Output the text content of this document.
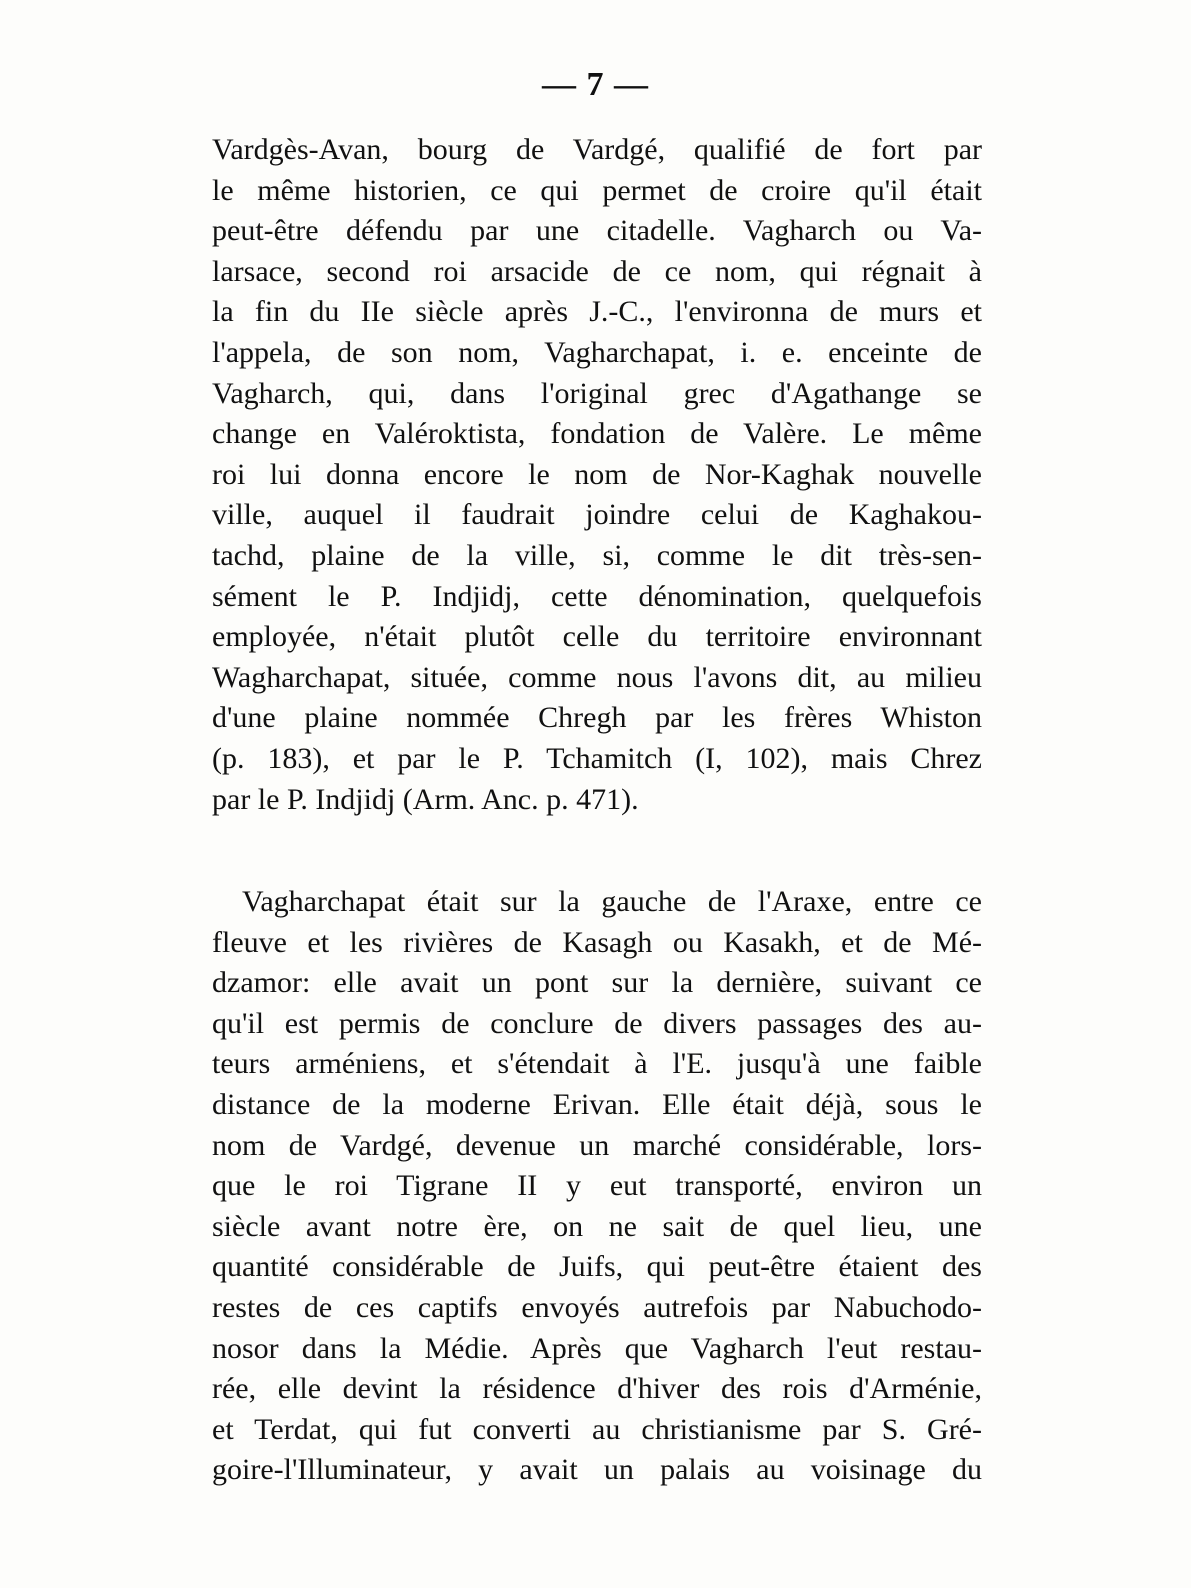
— 7 —
Vardgès-Avan, bourg de Vardgé, qualifié de fort par
le même historien, ce qui permet de croire qu'il était
peut-être défendu par une citadelle. Vagharch ou Va-
larsace, second roi arsacide de ce nom, qui régnait à
la fin du IIe siècle après J.-C., l'environna de murs et
l'appela, de son nom, Vagharchapat, i. e. enceinte de
Vagharch, qui, dans l'original grec d'Agathange se
change en Valéroktista, fondation de Valère. Le même
roi lui donna encore le nom de Nor-Kaghak nouvelle
ville, auquel il faudrait joindre celui de Kaghakou-
tachd, plaine de la ville, si, comme le dit très-sen-
sément le P. Indjidj, cette dénomination, quelquefois
employée, n'était plutôt celle du territoire environnant
Wagharchapat, située, comme nous l'avons dit, au milieu
d'une plaine nommée Chregh par les frères Whiston
(p. 183), et par le P. Tchamitch (I, 102), mais Chrez
par le P. Indjidj (Arm. Anc. p. 471).
Vagharchapat était sur la gauche de l'Araxe, entre ce
fleuve et les rivières de Kasagh ou Kasakh, et de Mé-
dzamor: elle avait un pont sur la dernière, suivant ce
qu'il est permis de conclure de divers passages des au-
teurs arméniens, et s'étendait à l'E. jusqu'à une faible
distance de la moderne Erivan. Elle était déjà, sous le
nom de Vardgé, devenue un marché considérable, lors-
que le roi Tigrane II y eut transporté, environ un
siècle avant notre ère, on ne sait de quel lieu, une
quantité considérable de Juifs, qui peut-être étaient des
restes de ces captifs envoyés autrefois par Nabuchodo-
nosor dans la Médie. Après que Vagharch l'eut restau-
rée, elle devint la résidence d'hiver des rois d'Arménie,
et Terdat, qui fut converti au christianisme par S. Gré-
goire-l'Illuminateur, y avait un palais au voisinage du
